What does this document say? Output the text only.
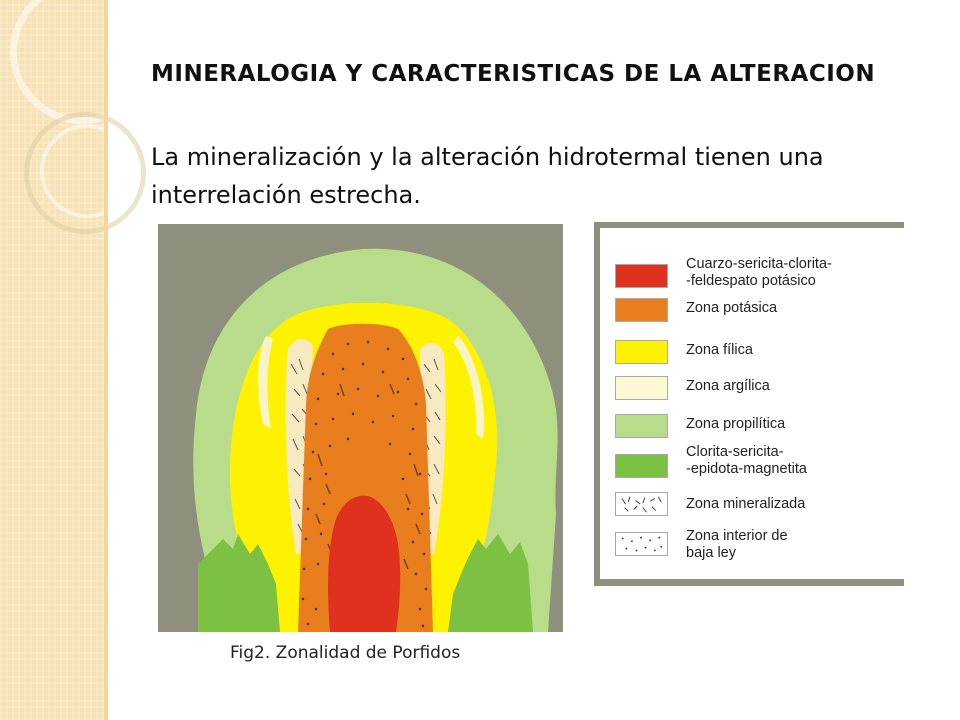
MINERALOGIA Y CARACTERISTICAS DE LA ALTERACION
La mineralización y la alteración hidrotermal tienen una interrelación estrecha.
Cuarzo-sericita-clorita-
-feldespato potásico
Zona potásica
Zona fílica
Zona argílica
Zona propilítica
Clorita-sericita-
-epidota-magnetita
Zona mineralizada
Zona interior de
baja ley
Fig2. Zonalidad de Porfidos
